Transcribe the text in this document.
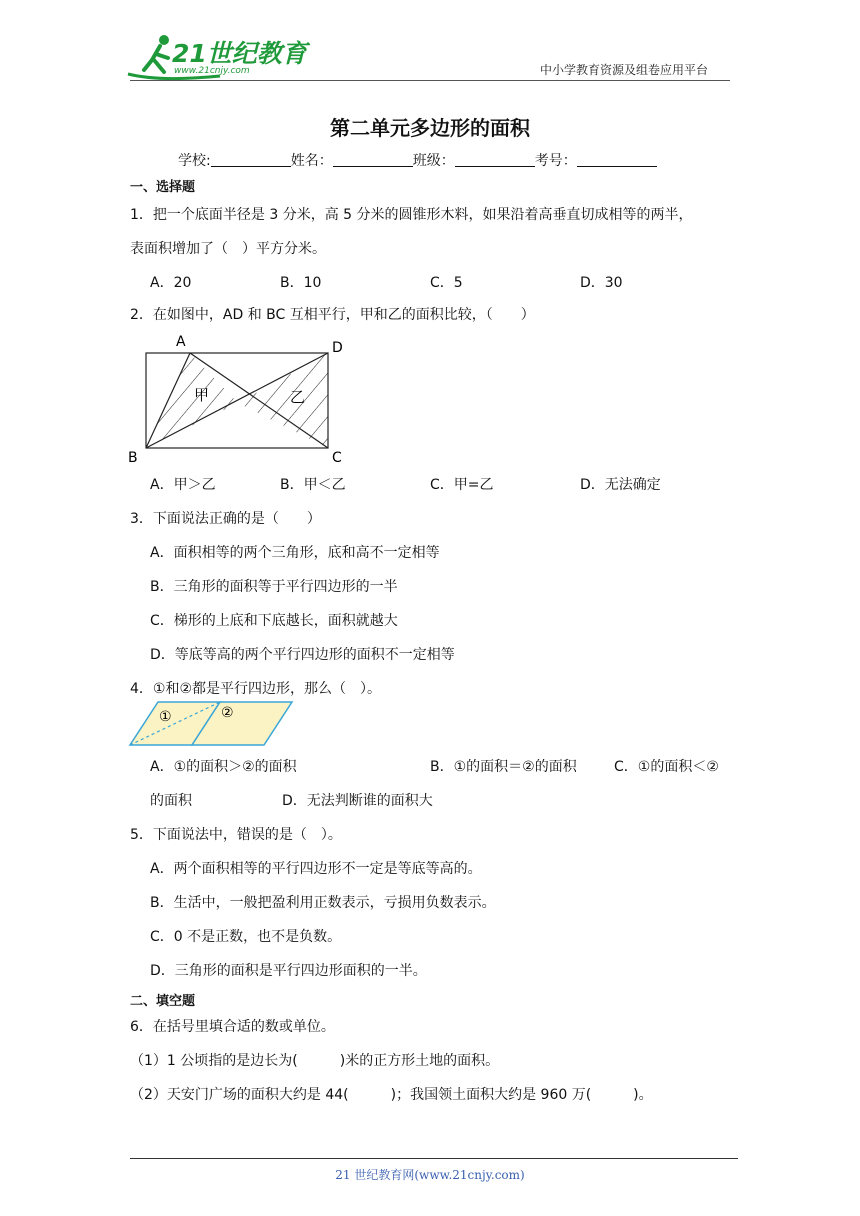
21世纪教育
www.21cnjy.com	中小学教育资源及组卷应用平台
第二单元多边形的面积
学校:	姓名：	班级：	考号：
一、选择题
1．把一个底面半径是 3 分米，高 5 分米的圆锥形木料，如果沿着高垂直切成相等的两半，
表面积增加了（　）平方分米。
A．20	B．10	C．5	D．30
2．在如图中，AD 和 BC 互相平行，甲和乙的面积比较，（　　）
A	D
B	C
甲	乙
A．甲＞乙	B．甲＜乙	C．甲=乙	D．无法确定
3．下面说法正确的是（　　）
A．面积相等的两个三角形，底和高不一定相等
B．三角形的面积等于平行四边形的一半
C．梯形的上底和下底越长，面积就越大
D．等底等高的两个平行四边形的面积不一定相等
4．①和②都是平行四边形，那么（　）。
①	②
A．①的面积＞②的面积	B．①的面积＝②的面积	C．①的面积＜②
的面积	D．无法判断谁的面积大
5．下面说法中，错误的是（　）。
A．两个面积相等的平行四边形不一定是等底等高的。
B．生活中，一般把盈利用正数表示，亏损用负数表示。
C．0 不是正数，也不是负数。
D．三角形的面积是平行四边形面积的一半。
二、填空题
6．在括号里填合适的数或单位。
（1）1 公顷指的是边长为(　　　)米的正方形土地的面积。
（2）天安门广场的面积大约是 44(　　　)；我国领土面积大约是 960 万(　　　)。
21 世纪教育网(www.21cnjy.com)
